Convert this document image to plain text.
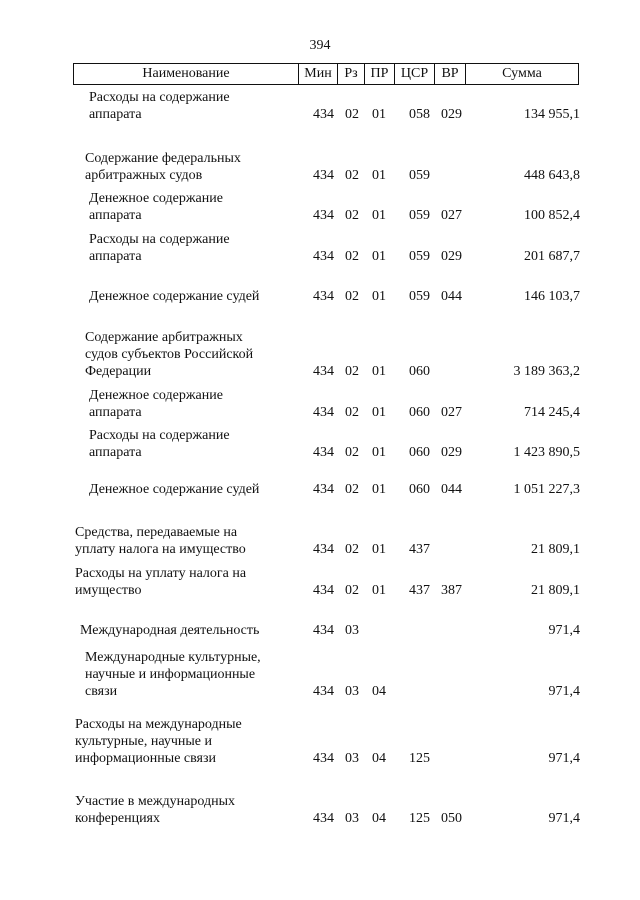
394
Наименование	Мин Рз ПР ЦСР ВР	Сумма
Расходы на содержание
аппарата	434 02 01 058 029	134 955,1
Содержание федеральных
арбитражных судов	434 02 01 059	448 643,8
Денежное содержание
аппарата	434 02 01 059 027	100 852,4
Расходы на содержание
аппарата	434 02 01 059 029	201 687,7
Денежное содержание судей	434 02 01 059 044	146 103,7
Содержание арбитражных
судов субъектов Российской
Федерации	434 02 01 060	3 189 363,2
Денежное содержание
аппарата	434 02 01 060 027	714 245,4
Расходы на содержание
аппарата	434 02 01 060 029	1 423 890,5
Денежное содержание судей	434 02 01 060 044	1 051 227,3
Средства, передаваемые на
уплату налога на имущество	434 02 01 437	21 809,1
Расходы на уплату налога на
имущество	434 02 01 437 387	21 809,1
Международная деятельность	434 03	971,4
Международные культурные,
научные и информационные
связи	434 03 04	971,4
Расходы на международные
культурные, научные и
информационные связи	434 03 04 125	971,4
Участие в международных
конференциях	434 03 04 125 050	971,4
